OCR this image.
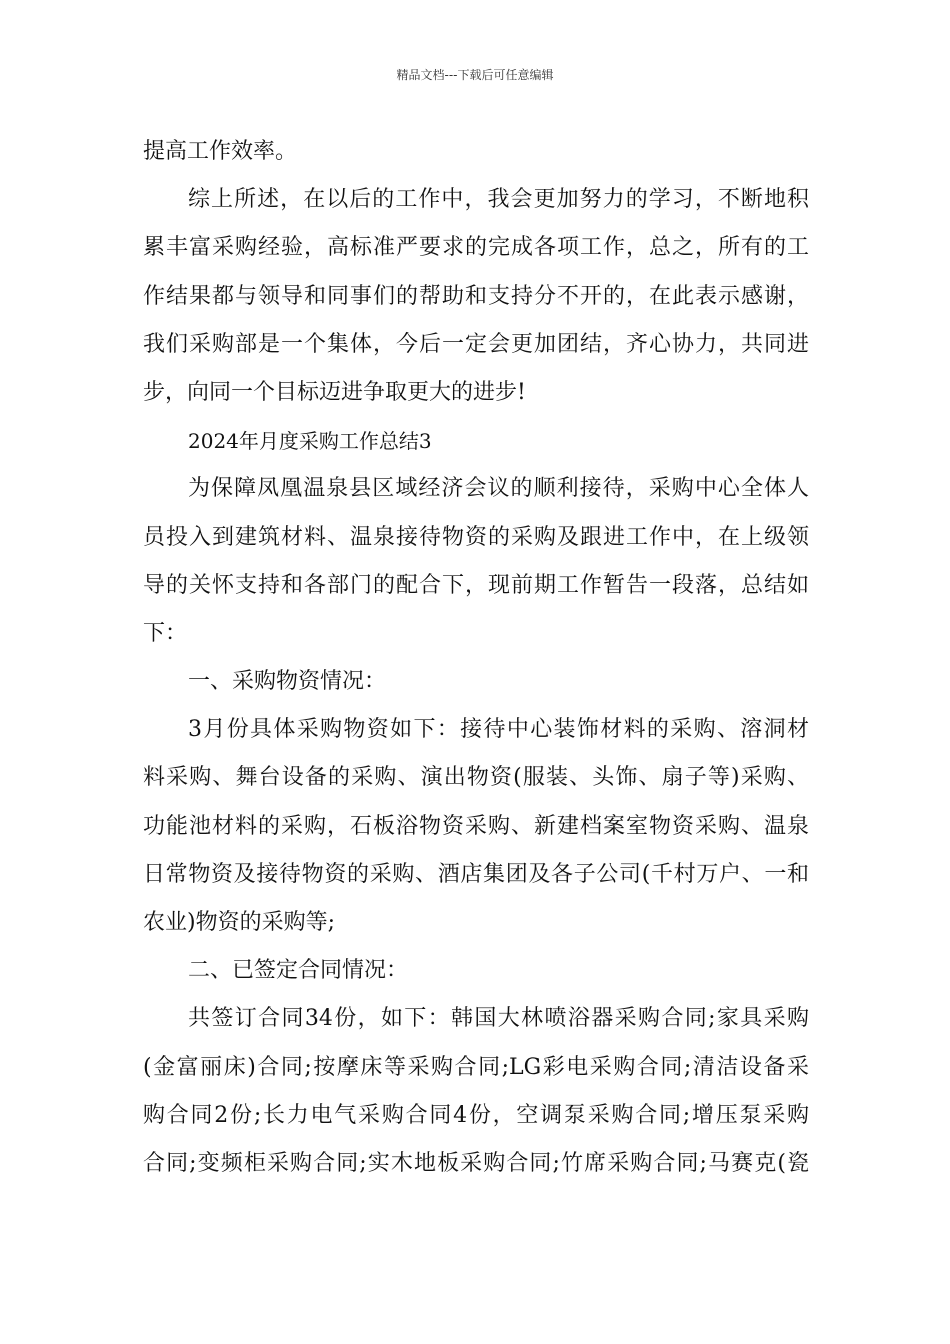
精品文档---下载后可任意编辑
提高工作效率。
综上所述，在以后的工作中，我会更加努力的学习，不断地积
累丰富采购经验，高标准严要求的完成各项工作，总之，所有的工
作结果都与领导和同事们的帮助和支持分不开的，在此表示感谢，
我们采购部是一个集体，今后一定会更加团结，齐心协力，共同进
步，向同一个目标迈进争取更大的进步!
2024年月度采购工作总结3
为保障凤凰温泉县区域经济会议的顺利接待，采购中心全体人
员投入到建筑材料、温泉接待物资的采购及跟进工作中，在上级领
导的关怀支持和各部门的配合下，现前期工作暂告一段落，总结如
下：
一、采购物资情况：
3月份具体采购物资如下：接待中心装饰材料的采购、溶洞材
料采购、舞台设备的采购、演出物资(服装、头饰、扇子等)采购、
功能池材料的采购，石板浴物资采购、新建档案室物资采购、温泉
日常物资及接待物资的采购、酒店集团及各子公司(千村万户、一和
农业)物资的采购等;
二、已签定合同情况：
共签订合同34份，如下：韩国大林喷浴器采购合同;家具采购
(金富丽床)合同;按摩床等采购合同;LG彩电采购合同;清洁设备采
购合同2份;长力电气采购合同4份，空调泵采购合同;增压泵采购
合同;变频柜采购合同;实木地板采购合同;竹席采购合同;马赛克(瓷
